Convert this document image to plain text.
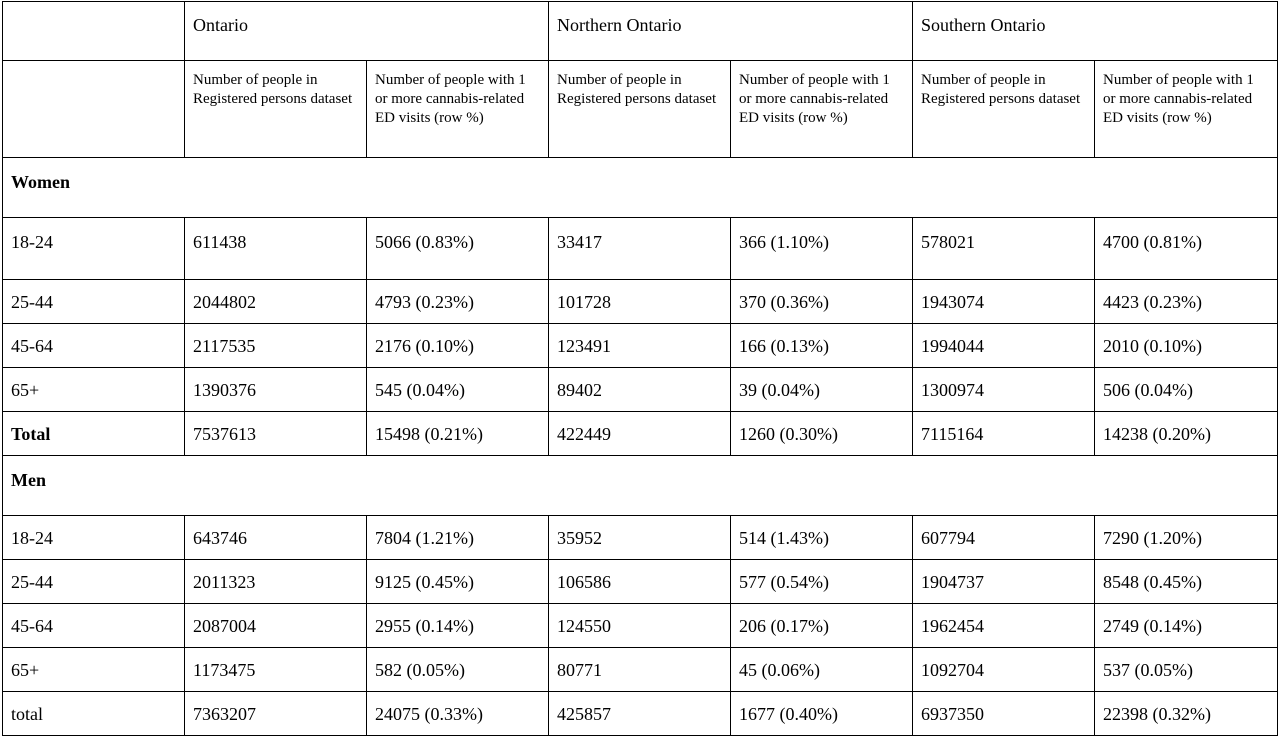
	Ontario		Northern Ontario		Southern Ontario	
	Number of people in Registered persons dataset	Number of people with 1 or more cannabis-related ED visits (row %)	Number of people in Registered persons dataset	Number of people with 1 or more cannabis-related ED visits (row %)	Number of people in Registered persons dataset	Number of people with 1 or more cannabis-related ED visits (row %)
Women						
18-24	611438	5066 (0.83%)	33417	366 (1.10%)	578021	4700 (0.81%)
25-44	2044802	4793 (0.23%)	101728	370 (0.36%)	1943074	4423 (0.23%)
45-64	2117535	2176 (0.10%)	123491	166 (0.13%)	1994044	2010 (0.10%)
65+	1390376	545 (0.04%)	89402	39 (0.04%)	1300974	506 (0.04%)
Total	7537613	15498 (0.21%)	422449	1260 (0.30%)	7115164	14238 (0.20%)
Men						
18-24	643746	7804 (1.21%)	35952	514 (1.43%)	607794	7290 (1.20%)
25-44	2011323	9125 (0.45%)	106586	577 (0.54%)	1904737	8548 (0.45%)
45-64	2087004	2955 (0.14%)	124550	206 (0.17%)	1962454	2749 (0.14%)
65+	1173475	582 (0.05%)	80771	45 (0.06%)	1092704	537 (0.05%)
total	7363207	24075 (0.33%)	425857	1677 (0.40%)	6937350	22398 (0.32%)
